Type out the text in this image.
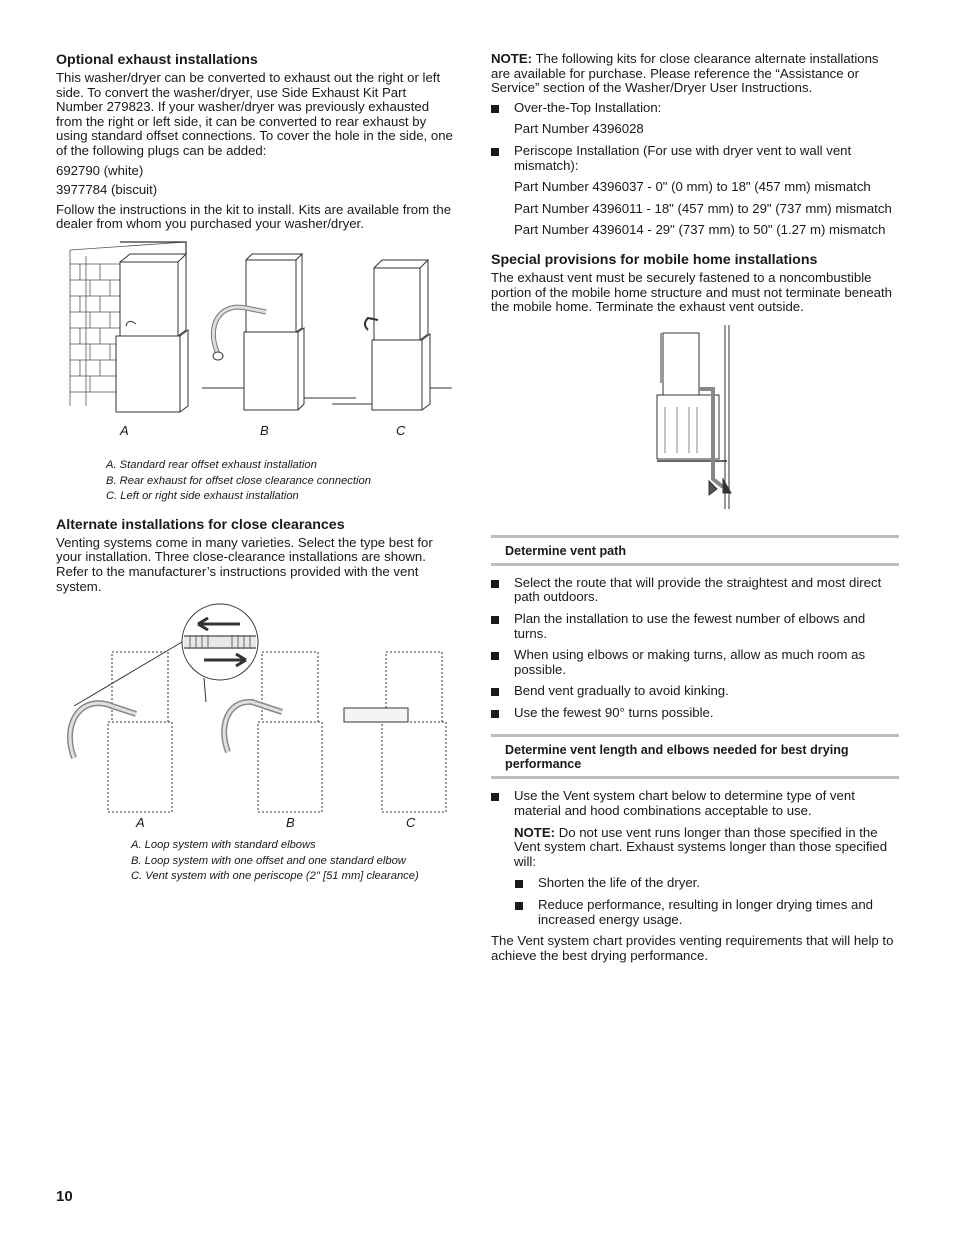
Optional exhaust installations

This washer/dryer can be converted to exhaust out the right or left side. To convert the washer/dryer, use Side Exhaust Kit Part Number 279823. If your washer/dryer was previously exhausted from the right or left side, it can be converted to rear exhaust by using standard offset connections. To cover the hole in the side, one of the following plugs can be added:

692790 (white)

3977784 (biscuit)

Follow the instructions in the kit to install. Kits are available from the dealer from whom you purchased your washer/dryer.

A	B	C
A. Standard rear offset exhaust installation
B. Rear exhaust for offset close clearance connection
C. Left or right side exhaust installation
Alternate installations for close clearances

Venting systems come in many varieties. Select the type best for your installation. Three close-clearance installations are shown. Refer to the manufacturer’s instructions provided with the vent system.

A	B	C
A. Loop system with standard elbows
B. Loop system with one offset and one standard elbow
C. Vent system with one periscope (2" [51 mm] clearance)

NOTE: The following kits for close clearance alternate installations are available for purchase. Please reference the “Assistance or Service” section of the Washer/Dryer User Instructions.

Over-the-Top Installation:
Part Number 4396028
Periscope Installation (For use with dryer vent to wall vent mismatch):
Part Number 4396037 - 0" (0 mm) to 18" (457 mm) mismatch
Part Number 4396011 - 18" (457 mm) to 29" (737 mm) mismatch
Part Number 4396014 - 29" (737 mm) to 50" (1.27 m) mismatch
Special provisions for mobile home installations

The exhaust vent must be securely fastened to a noncombustible portion of the mobile home structure and must not terminate beneath the mobile home. Terminate the exhaust vent outside.

Determine vent path
Select the route that will provide the straightest and most direct path outdoors.
Plan the installation to use the fewest number of elbows and turns.
When using elbows or making turns, allow as much room as possible.
Bend vent gradually to avoid kinking.
Use the fewest 90° turns possible.
Determine vent length and elbows needed for best drying performance
Use the Vent system chart below to determine type of vent material and hood combinations acceptable to use.
NOTE: Do not use vent runs longer than those specified in the Vent system chart. Exhaust systems longer than those specified will:
Shorten the life of the dryer.
Reduce performance, resulting in longer drying times and increased energy usage.

The Vent system chart provides venting requirements that will help to achieve the best drying performance.

10
